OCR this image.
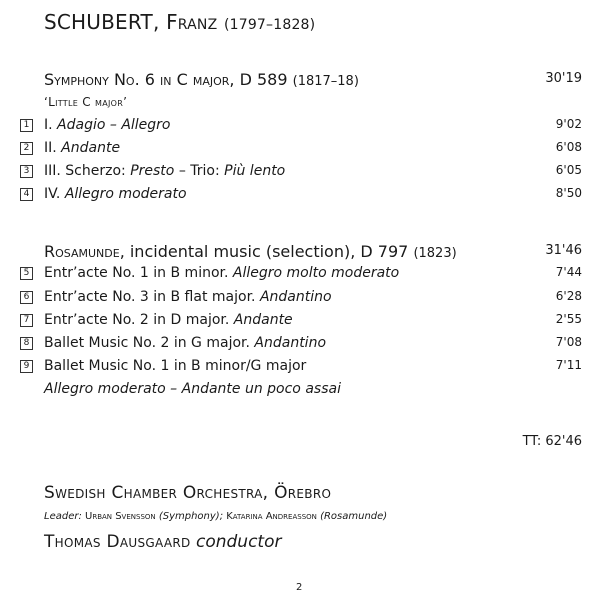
SCHUBERT, Franz (1797–1828)
Symphony No. 6 in C major, D 589 (1817–18)	30'19
‘Little C major’
1 I. Adagio – Allegro	9'02
2 II. Andante	6'08
3 III. Scherzo: Presto – Trio: Più lento	6'05
4 IV. Allegro moderato	8'50
Rosamunde, incidental music (selection), D 797 (1823)	31'46
5 Entr’acte No. 1 in B minor. Allegro molto moderato	7'44
6 Entr’acte No. 3 in B flat major. Andantino	6'28
7 Entr’acte No. 2 in D major. Andante	2'55
8 Ballet Music No. 2 in G major. Andantino	7'08
9 Ballet Music No. 1 in B minor/G major	7'11
Allegro moderato – Andante un poco assai
TT: 62'46
Swedish Chamber Orchestra, Örebro
Leader: Urban Svensson (Symphony); Katarina Andreasson (Rosamunde)
Thomas Dausgaard conductor
2
